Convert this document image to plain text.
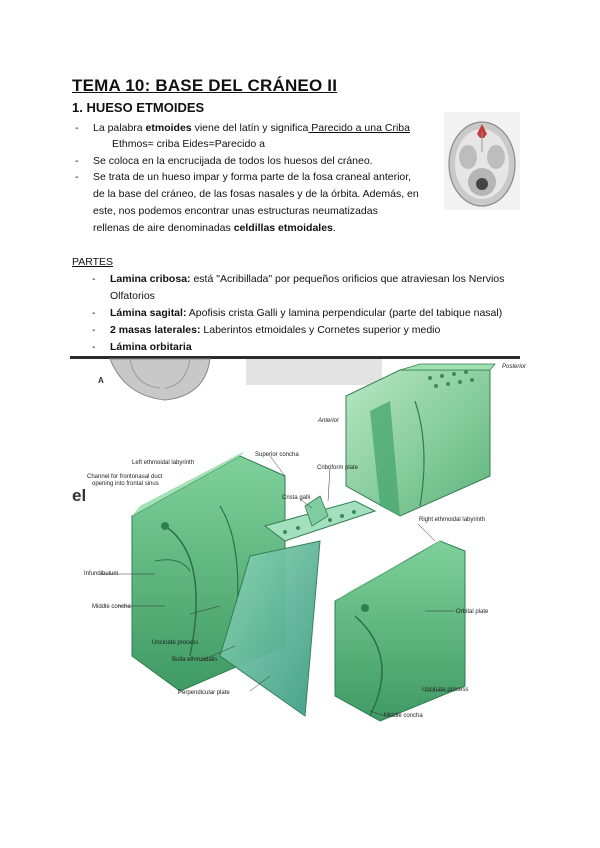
TEMA 10: BASE DEL CRÁNEO II
1. HUESO ETMOIDES
- La palabra etmoides viene del latín y significa Parecido a una Criba
Ethmos= criba Eides=Parecido a
- Se coloca en la encrucijada de todos los huesos del cráneo.
- Se trata de un hueso impar y forma parte de la fosa craneal anterior,
de la base del cráneo, de las fosas nasales y de la órbita. Además, en
este, nos podemos encontrar unas estructuras neumatizadas
rellenas de aire denominadas celdillas etmoidales.
PARTES
- Lamina cribosa: está "Acribillada" por pequeños orificios que atraviesan los Nervios
Olfatorios
- Lámina sagital: Apofisis crista Galli y lamina perpendicular (parte del tabique nasal)
- 2 masas laterales: Laberintos etmoidales y Cornetes superior y medio
- Lámina orbitaria
A
el
Posterior
Anterior
Left ethmoidal labyrinth
Channel for frontonasal duct
opening into frontal sinus
Superior concha
Cribriform plate
Crista galli
Right ethmoidal labyrinth
Infundibulum
Middle concha
Uncinate process
Bulla ethmoidalis
Perpendicular plate
Orbital plate
Uncinate process
Middle concha
